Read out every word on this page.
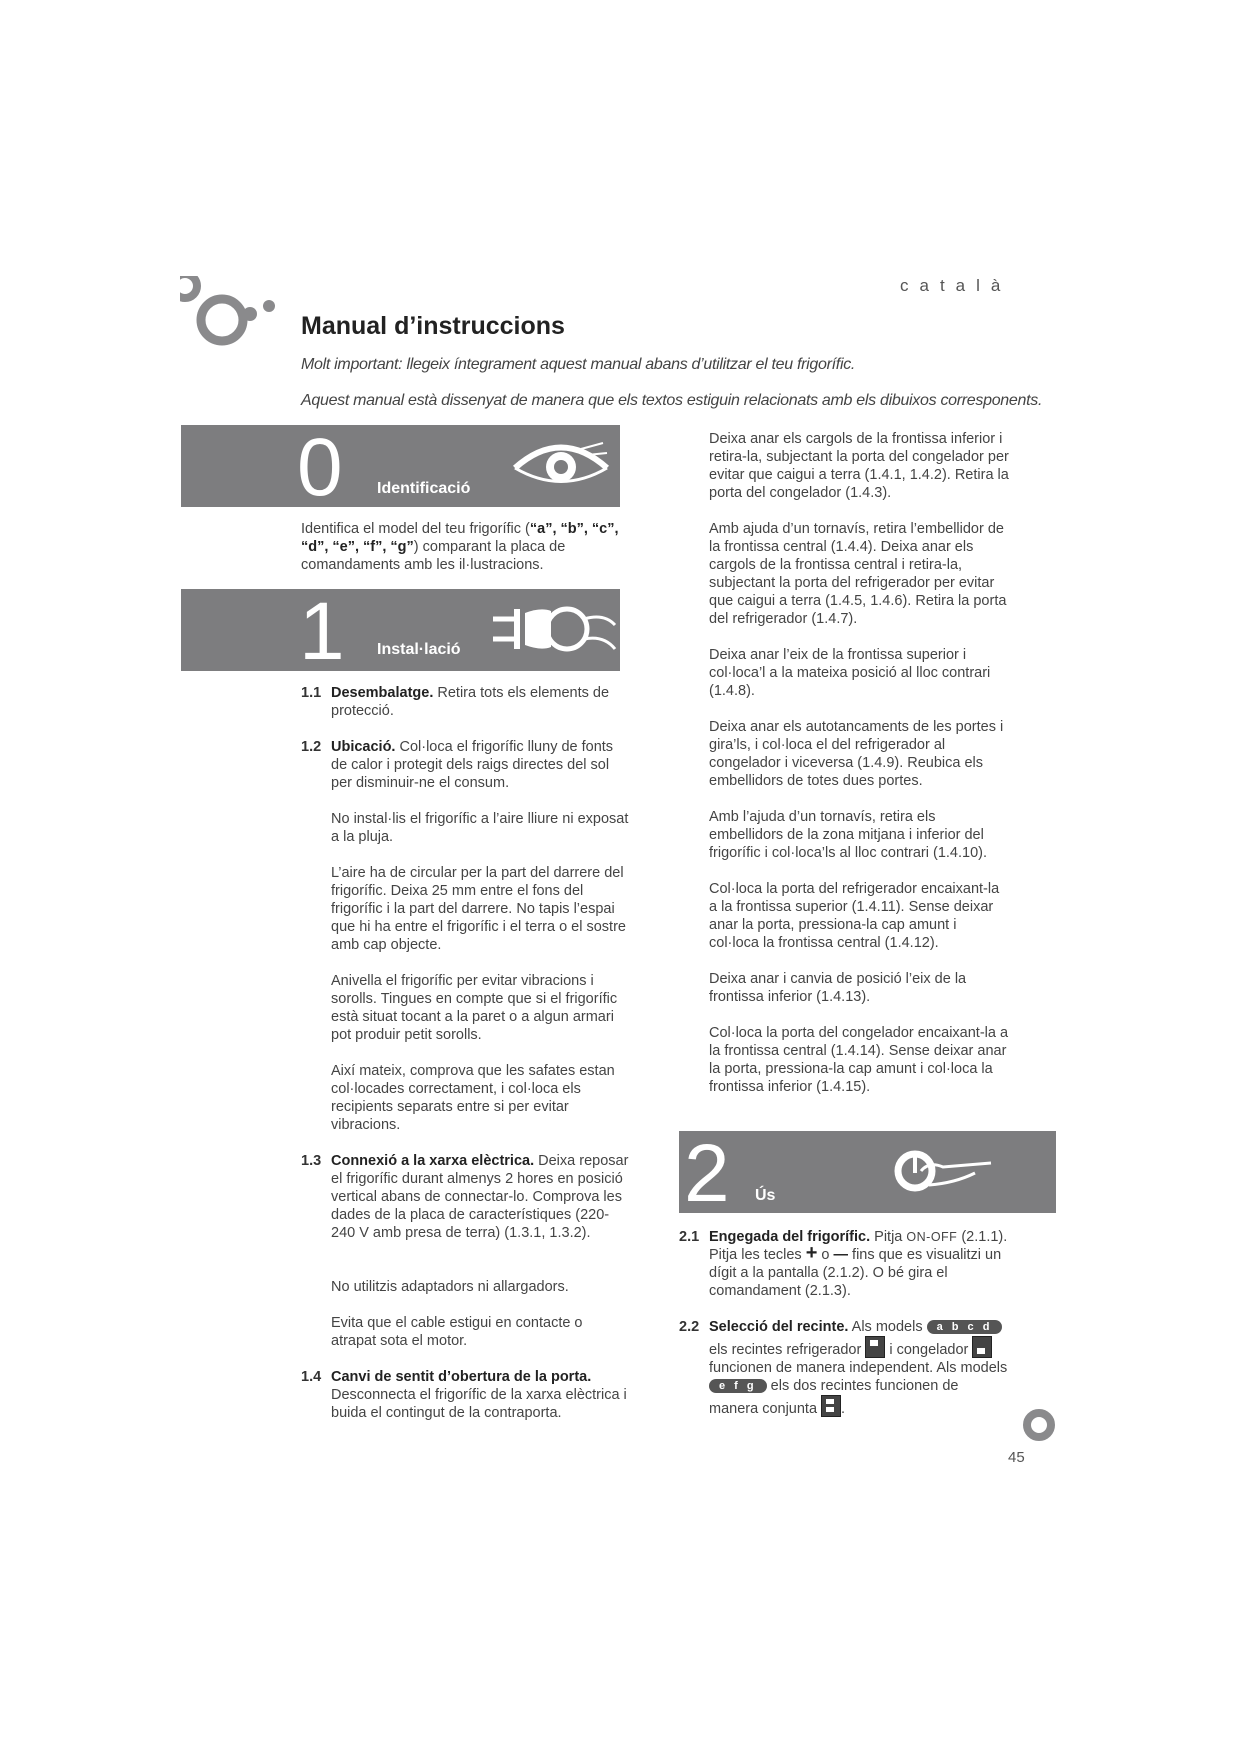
català
Manual d’instruccions
Molt important: llegeix íntegrament aquest manual abans d’utilitzar el teu frigorífic.
Aquest manual està dissenyat de manera que els textos estiguin relacionats amb els dibuixos corresponents.
0 Identificació

Identifica el model del teu frigorífic (“a”, “b”, “c”, “d”, “e”, “f”, “g”) comparant la placa de comandaments amb les il·lustracions.

1 Instal·lació
1.1 Desembalatge. Retira tots els elements de protecció.
1.2 Ubicació. Col·loca el frigorífic lluny de fonts de calor i protegit dels raigs directes del sol per disminuir-ne el consum.

No instal·lis el frigorífic a l’aire lliure ni exposat a la pluja.

L’aire ha de circular per la part del darrere del frigorífic. Deixa 25 mm entre el fons del frigorífic i la part del darrere. No tapis l’espai que hi ha entre el frigorífic i el terra o el sostre amb cap objecte.

Anivella el frigorífic per evitar vibracions i sorolls. Tingues en compte que si el frigorífic està situat tocant a la paret o a algun armari pot produir petit sorolls.

Així mateix, comprova que les safates estan col·locades correctament, i col·loca els recipients separats entre si per evitar vibracions.

1.3 Connexió a la xarxa elèctrica. Deixa reposar el frigorífic durant almenys 2 hores en posició vertical abans de connectar-lo. Comprova les dades de la placa de característiques (220-240 V amb presa de terra) (1.3.1, 1.3.2).

No utilitzis adaptadors ni allargadors.

Evita que el cable estigui en contacte o atrapat sota el motor.

1.4 Canvi de sentit d’obertura de la porta. Desconnecta el frigorífic de la xarxa elèctrica i buida el contingut de la contraporta.

Deixa anar els cargols de la frontissa inferior i retira-la, subjectant la porta del congelador per evitar que caigui a terra (1.4.1, 1.4.2). Retira la porta del congelador (1.4.3).

Amb ajuda d’un tornavís, retira l’embellidor de la frontissa central (1.4.4). Deixa anar els cargols de la frontissa central i retira-la, subjectant la porta del refrigerador per evitar que caigui a terra (1.4.5, 1.4.6). Retira la porta del refrigerador (1.4.7).

Deixa anar l’eix de la frontissa superior i col·loca’l a la mateixa posició al lloc contrari (1.4.8).

Deixa anar els autotancaments de les portes i gira’ls, i col·loca el del refrigerador al congelador i viceversa (1.4.9). Reubica els embellidors de totes dues portes.

Amb l’ajuda d’un tornavís, retira els embellidors de la zona mitjana i inferior del frigorífic i col·loca’ls al lloc contrari (1.4.10).

Col·loca la porta del refrigerador encaixant-la a la frontissa superior (1.4.11). Sense deixar anar la porta, pressiona-la cap amunt i col·loca la frontissa central (1.4.12).

Deixa anar i canvia de posició l’eix de la frontissa inferior (1.4.13).

Col·loca la porta del congelador encaixant-la a la frontissa central (1.4.14). Sense deixar anar la porta, pressiona-la cap amunt i col·loca la frontissa inferior (1.4.15).

2 Ús
2.1 Engegada del frigorífic. Pitja ON-OFF (2.1.1). Pitja les tecles + o — fins que es visualitzi un dígit a la pantalla (2.1.2). O bé gira el comandament (2.1.3).
2.2 Selecció del recinte. Als models a b c d els recintes refrigerador
i congelador
funcionen de manera independent. Als models e f g els dos recintes funcionen de manera conjunta
.
45
